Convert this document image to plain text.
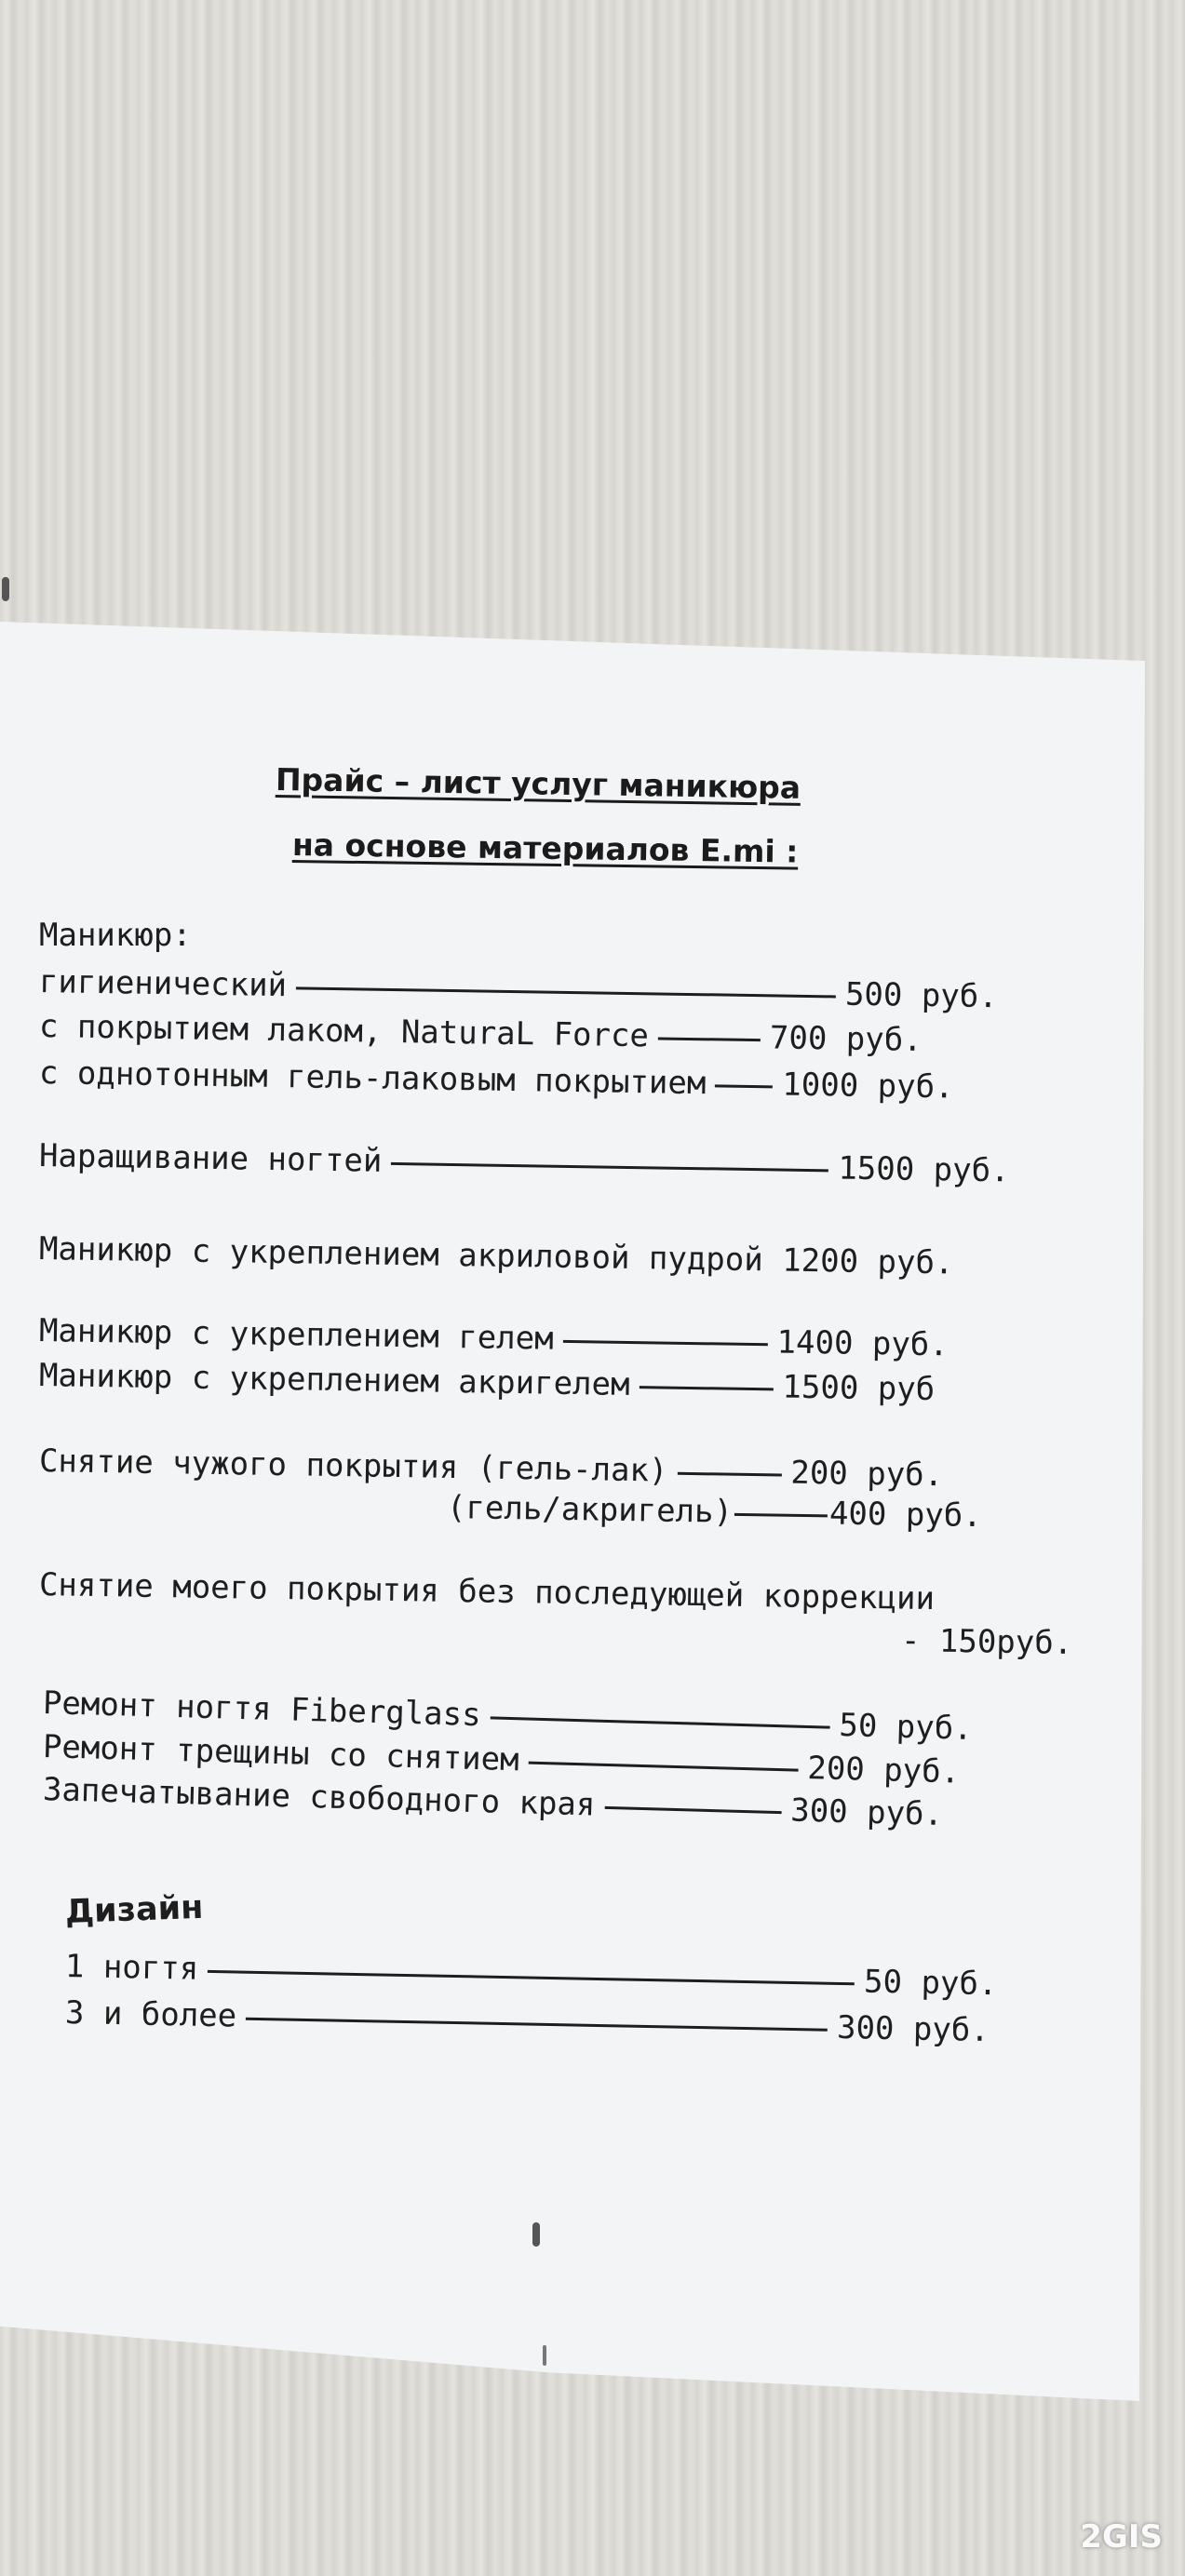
Прайс – лист услуг маникюра
на основе материалов E.mi :
Маникюр:
гигиенический	500 руб.
с покрытием лаком, NaturaL Force	700 руб.
с однотонным гель-лаковым покрытием 1000 руб.
Наращивание ногтей	1500 руб.
Маникюр с укреплением акриловой пудрой 1200 руб.
Маникюр с укреплением гелем	1400 руб.
Маникюр с укреплением акригелем	1500 руб
Снятие чужого покрытия (гель-лак)	200 руб.
(гель/акригель)	400 руб.
Снятие моего покрытия без последующей коррекции
- 150руб.
Ремонт ногтя Fiberglass	50 руб.
Ремонт трещины со снятием	200 руб.
Запечатывание свободного края	300 руб.
Дизайн
1 ногтя	50 руб.
3 и более	300 руб.
2GIS
